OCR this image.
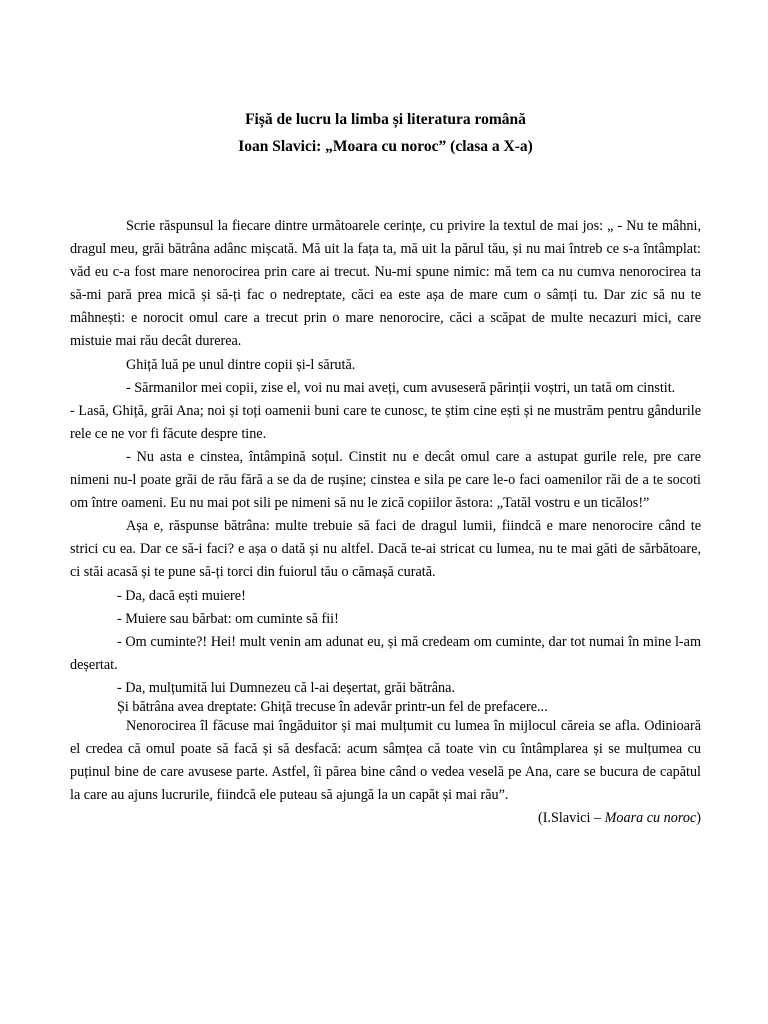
Fișă de lucru la limba și literatura română
Ioan Slavici: „Moara cu noroc” (clasa a X-a)

Scrie răspunsul la fiecare dintre următoarele cerințe, cu privire la textul de mai jos: „ - Nu te mâhni, dragul meu, grăi bătrâna adânc mișcată. Mă uit la fața ta, mă uit la părul tău, și nu mai întreb ce s-a întâmplat: văd eu c-a fost mare nenorocirea prin care ai trecut. Nu-mi spune nimic: mă tem ca nu cumva nenorocirea ta să-mi pară prea mică și să-ți fac o nedreptate, căci ea este așa de mare cum o sâmți tu. Dar zic să nu te mâhnești: e norocit omul care a trecut prin o mare nenorocire, căci a scăpat de multe necazuri mici, care mistuie mai rău decât durerea.

Ghiță luă pe unul dintre copii și-l sărută.

- Sărmanilor mei copii, zise el, voi nu mai aveți, cum avuseseră părinții voștri, un tată om cinstit.

- Lasă, Ghiță, grăi Ana; noi și toți oamenii buni care te cunosc, te știm cine ești și ne mustrăm pentru gândurile rele ce ne vor fi făcute despre tine.

- Nu asta e cinstea, întâmpină soțul. Cinstit nu e decât omul care a astupat gurile rele, pre care nimeni nu-l poate grăi de rău fără a se da de rușine; cinstea e sila pe care le-o faci oamenilor răi de a te socoti om între oameni. Eu nu mai pot sili pe nimeni să nu le zică copiilor ăstora: „Tatăl vostru e un ticălos!”

Așa e, răspunse bătrâna: multe trebuie să faci de dragul lumii, fiindcă e mare nenorocire când te strici cu ea. Dar ce să-i faci? e așa o dată și nu altfel. Dacă te-ai stricat cu lumea, nu te mai găti de sărbătoare, ci stăi acasă și te pune să-ți torci din fuiorul tău o cămașă curată.

- Da, dacă ești muiere!

- Muiere sau bărbat: om cuminte să fii!

- Om cuminte?! Hei! mult venin am adunat eu, și mă credeam om cuminte, dar tot numai în mine l-am deșertat.

- Da, mulțumită lui Dumnezeu că l-ai deșertat, grăi bătrâna.

Și bătrâna avea dreptate: Ghiță trecuse în adevăr printr-un fel de prefacere...

Nenorocirea îl făcuse mai îngăduitor și mai mulțumit cu lumea în mijlocul căreia se afla. Odinioară el credea că omul poate să facă și să desfacă: acum sâmțea că toate vin cu întâmplarea și se mulțumea cu puținul bine de care avusese parte. Astfel, îi părea bine când o vedea veselă pe Ana, care se bucura de capătul la care au ajuns lucrurile, fiindcă ele puteau să ajungă la un capăt și mai rău”.

(I.Slavici – Moara cu noroc)
